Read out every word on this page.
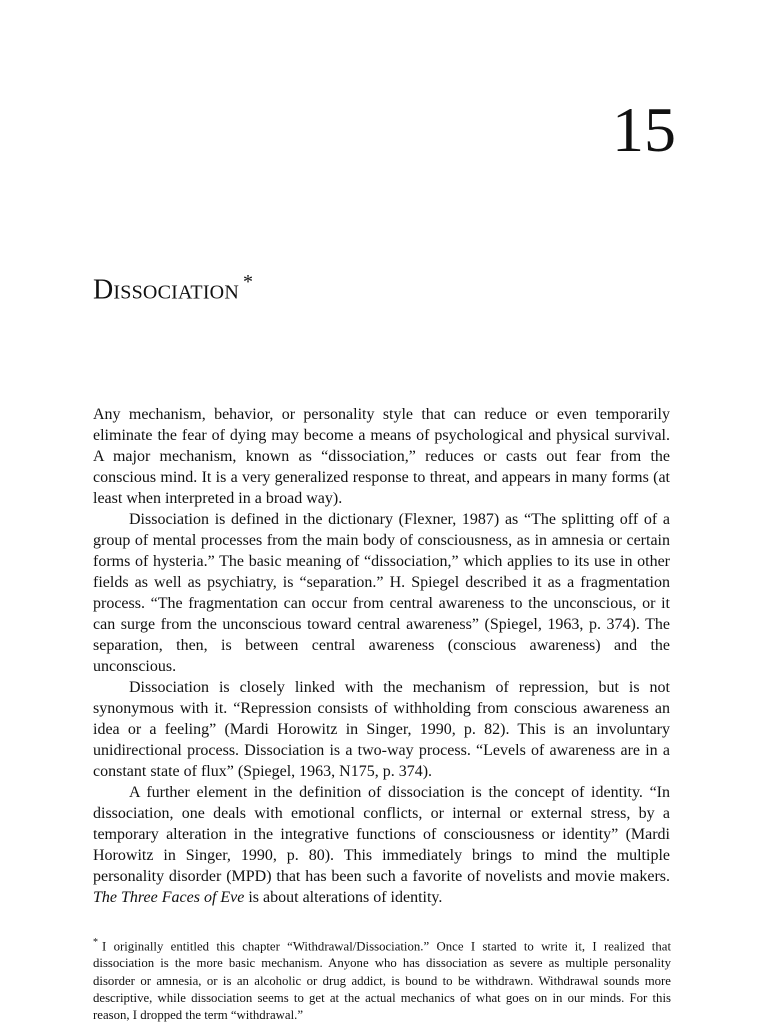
15
Dissociation *

Any mechanism, behavior, or personality style that can reduce or even temporarily eliminate the fear of dying may become a means of psychological and physical survival. A major mechanism, known as “dissociation,” reduces or casts out fear from the conscious mind. It is a very generalized response to threat, and appears in many forms (at least when interpreted in a broad way).

Dissociation is defined in the dictionary (Flexner, 1987) as “The splitting off of a group of mental processes from the main body of consciousness, as in amnesia or certain forms of hysteria.” The basic meaning of “dissociation,” which applies to its use in other fields as well as psychiatry, is “separation.” H. Spiegel described it as a fragmentation process. “The fragmentation can occur from central awareness to the unconscious, or it can surge from the unconscious toward central awareness” (Spiegel, 1963, p. 374). The separation, then, is between central awareness (conscious awareness) and the unconscious.

Dissociation is closely linked with the mechanism of repression, but is not synonymous with it. “Repression consists of withholding from conscious awareness an idea or a feeling” (Mardi Horowitz in Singer, 1990, p. 82). This is an involuntary unidirectional process. Dissociation is a two-way process. “Levels of awareness are in a constant state of flux” (Spiegel, 1963, N175, p. 374).

A further element in the definition of dissociation is the concept of identity. “In dissociation, one deals with emotional conflicts, or internal or external stress, by a temporary alteration in the integrative functions of consciousness or identity” (Mardi Horowitz in Singer, 1990, p. 80). This immediately brings to mind the multiple personality disorder (MPD) that has been such a favorite of novelists and movie makers. The Three Faces of Eve is about alterations of identity.

* I originally entitled this chapter “Withdrawal/Dissociation.” Once I started to write it, I realized that dissociation is the more basic mechanism. Anyone who has dissociation as severe as multiple personality disorder or amnesia, or is an alcoholic or drug addict, is bound to be withdrawn. Withdrawal sounds more descriptive, while dissociation seems to get at the actual mechanics of what goes on in our minds. For this reason, I dropped the term “withdrawal.”
